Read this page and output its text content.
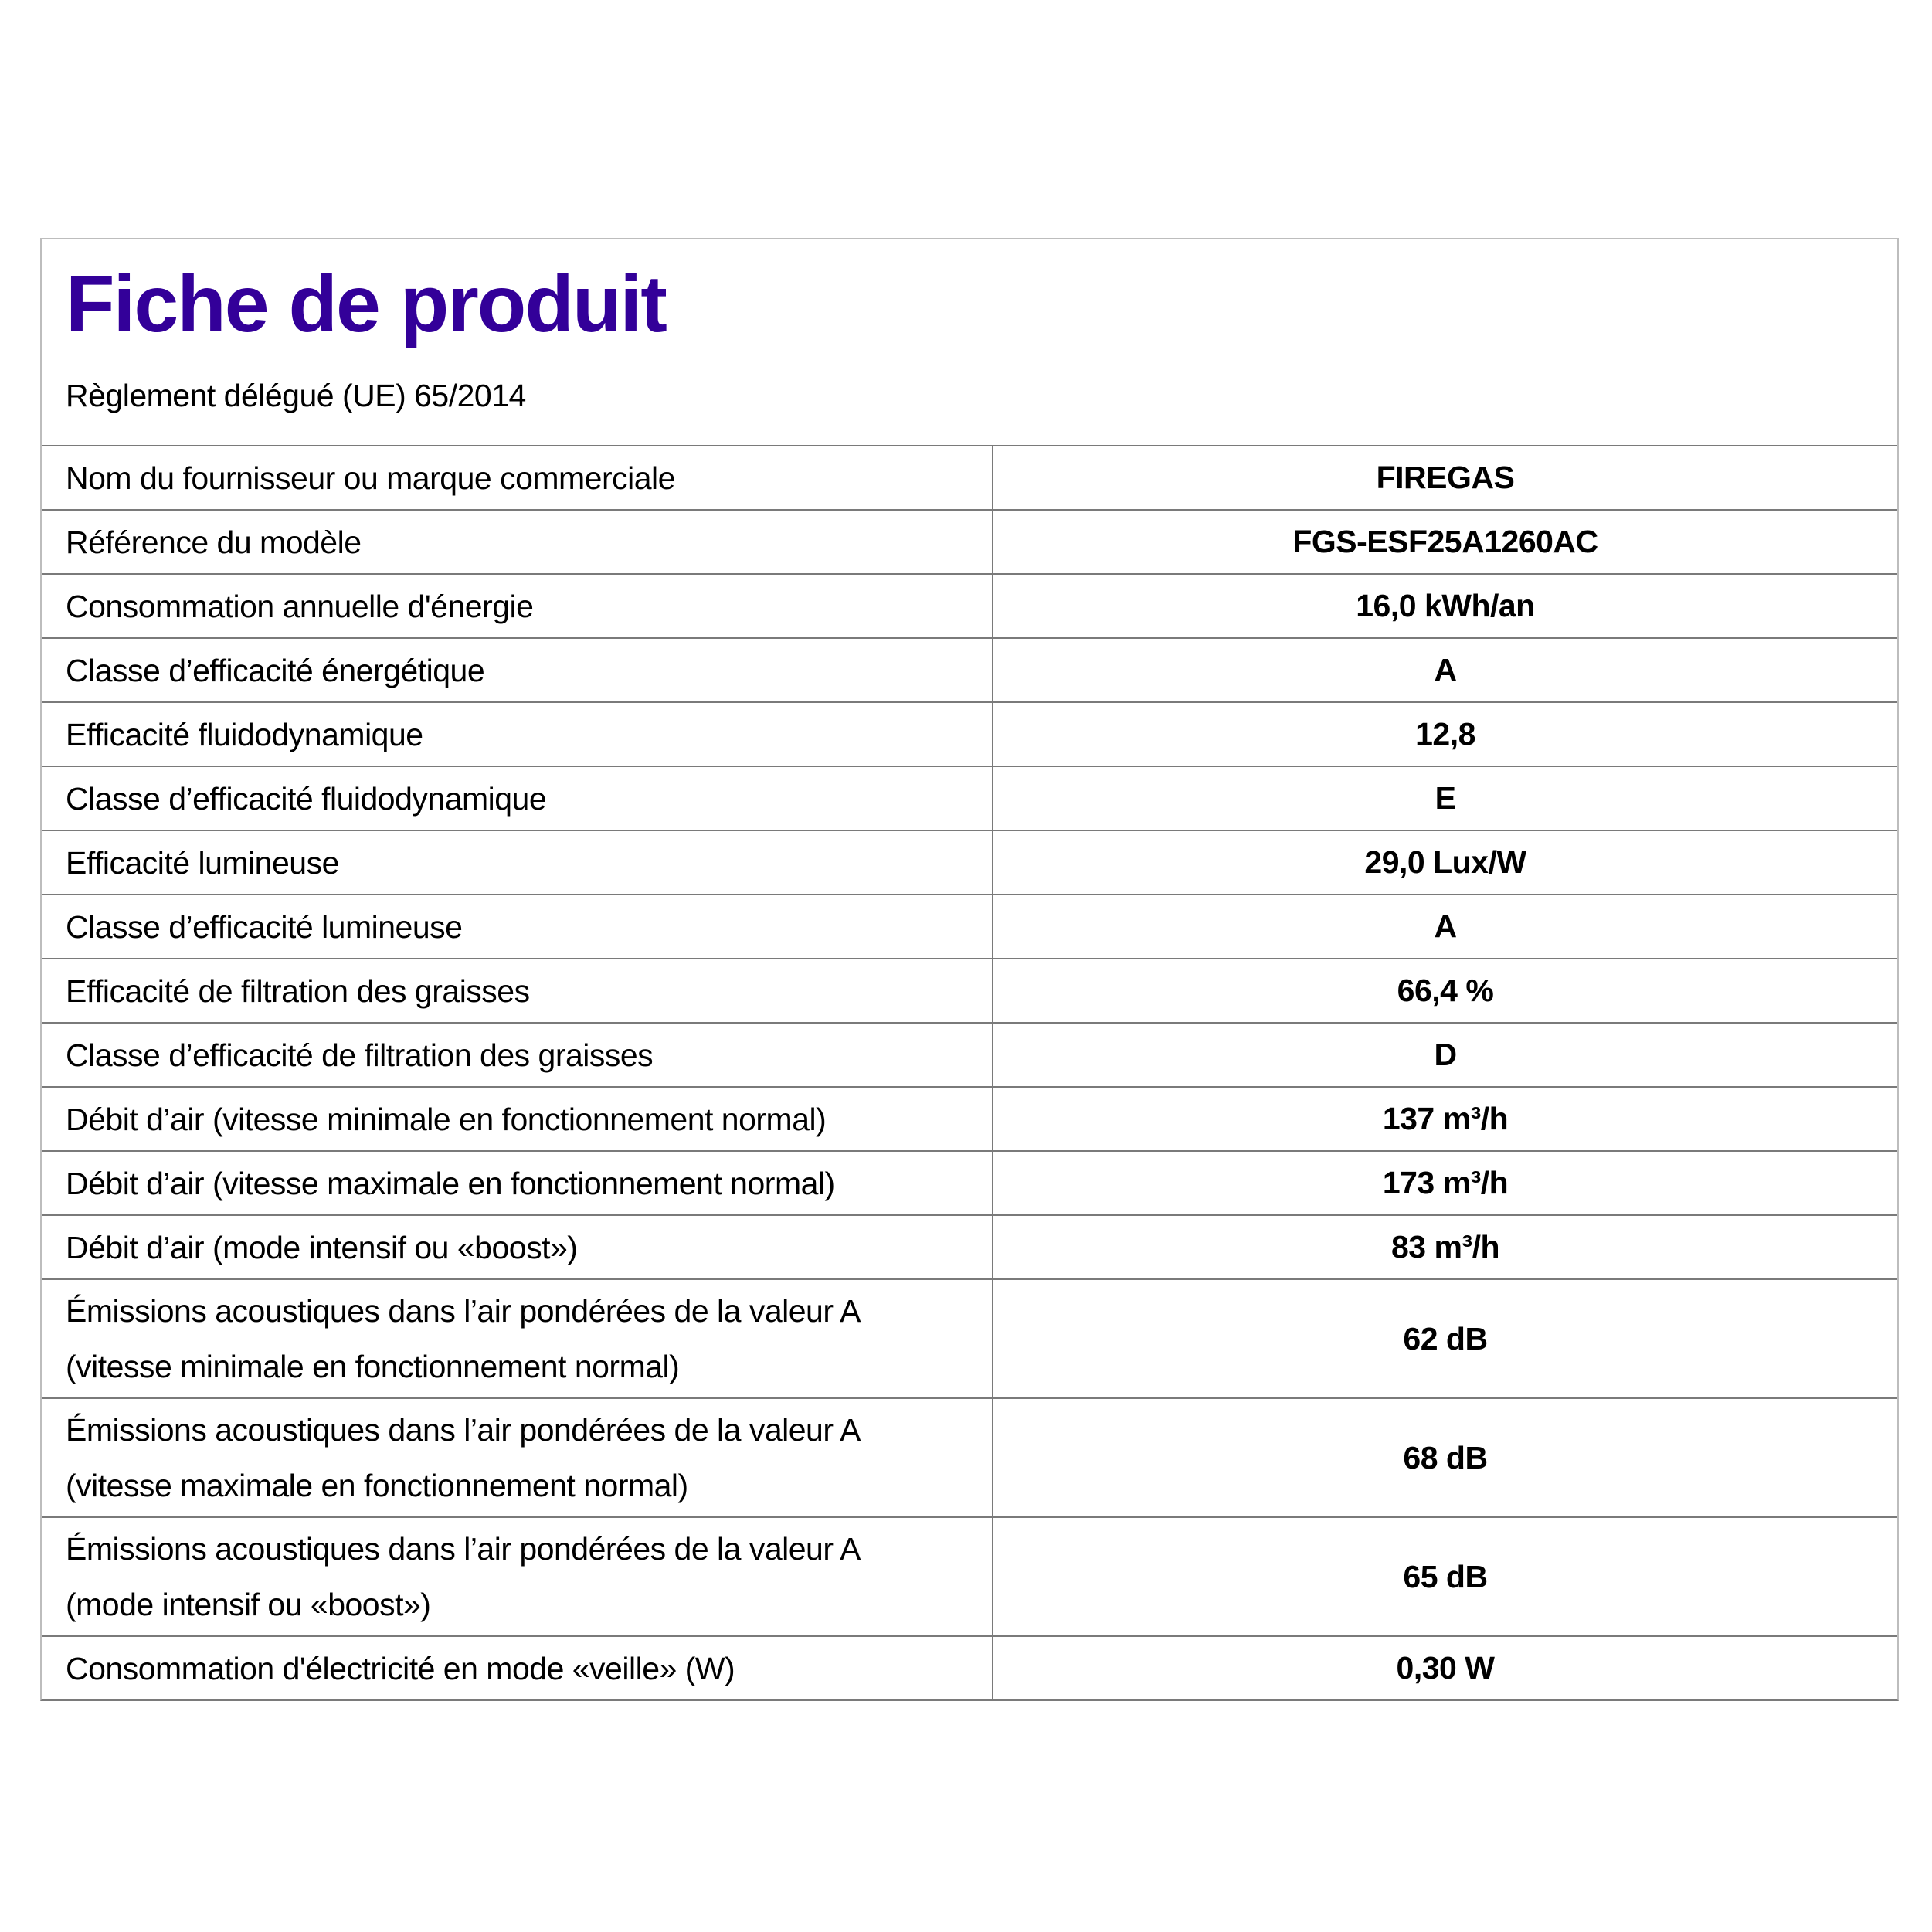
Fiche de produit
Règlement délégué (UE) 65/2014
Nom du fournisseur ou marque commerciale	FIREGAS
Référence du modèle	FGS-ESF25A1260AC
Consommation annuelle d'énergie	16,0 kWh/an
Classe d’efficacité énergétique	A
Efficacité fluidodynamique	12,8
Classe d’efficacité fluidodynamique	E
Efficacité lumineuse	29,0 Lux/W
Classe d’efficacité lumineuse	A
Efficacité de filtration des graisses	66,4 %
Classe d’efficacité de filtration des graisses	D
Débit d’air (vitesse minimale en fonctionnement normal)	137 m³/h
Débit d’air (vitesse maximale en fonctionnement normal)	173 m³/h
Débit d’air (mode intensif ou «boost»)	83 m³/h

Émissions acoustiques dans l’air pondérées de la valeur A
(vitesse minimale en fonctionnement normal)	62 dB

Émissions acoustiques dans l’air pondérées de la valeur A
(vitesse maximale en fonctionnement normal)	68 dB

Émissions acoustiques dans l’air pondérées de la valeur A
(mode intensif ou «boost»)	65 dB
Consommation d'électricité en mode «veille» (W)	0,30 W
